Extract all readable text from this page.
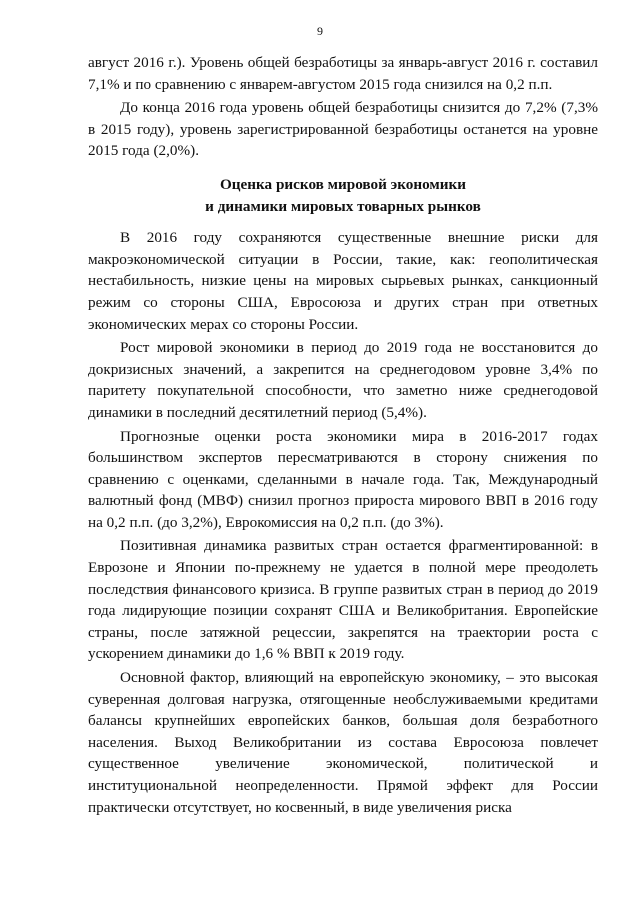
9

август 2016 г.). Уровень общей безработицы за январь-август 2016 г. составил 7,1% и по сравнению с январем-августом 2015 года снизился на 0,2 п.п.

До конца 2016 года уровень общей безработицы снизится до 7,2% (7,3% в 2015 году), уровень зарегистрированной безработицы останется на уровне 2015 года (2,0%).

Оценка рисков мировой экономики
и динамики мировых товарных рынков

В 2016 году сохраняются существенные внешние риски для макроэкономической ситуации в России, такие, как: геополитическая нестабильность, низкие цены на мировых сырьевых рынках, санкционный режим со стороны США, Евросоюза и других стран при ответных экономических мерах со стороны России.

Рост мировой экономики в период до 2019 года не восстановится до докризисных значений, а закрепится на среднегодовом уровне 3,4% по паритету покупательной способности, что заметно ниже среднегодовой динамики в последний десятилетний период (5,4%).

Прогнозные оценки роста экономики мира в 2016-2017 годах большинством экспертов пересматриваются в сторону снижения по сравнению с оценками, сделанными в начале года. Так, Международный валютный фонд (МВФ) снизил прогноз прироста мирового ВВП в 2016 году на 0,2 п.п. (до 3,2%), Еврокомиссия на 0,2 п.п. (до 3%).

Позитивная динамика развитых стран остается фрагментированной: в Еврозоне и Японии по-прежнему не удается в полной мере преодолеть последствия финансового кризиса. В группе развитых стран в период до 2019 года лидирующие позиции сохранят США и Великобритания. Европейские страны, после затяжной рецессии, закрепятся на траектории роста с ускорением динамики до 1,6 % ВВП к 2019 году.

Основной фактор, влияющий на европейскую экономику, – это высокая суверенная долговая нагрузка, отягощенные необслуживаемыми кредитами балансы крупнейших европейских банков, большая доля безработного населения. Выход Великобритании из состава Евросоюза повлечет существенное увеличение экономической, политической и институциональной неопределенности. Прямой эффект для России практически отсутствует, но косвенный, в виде увеличения риска
